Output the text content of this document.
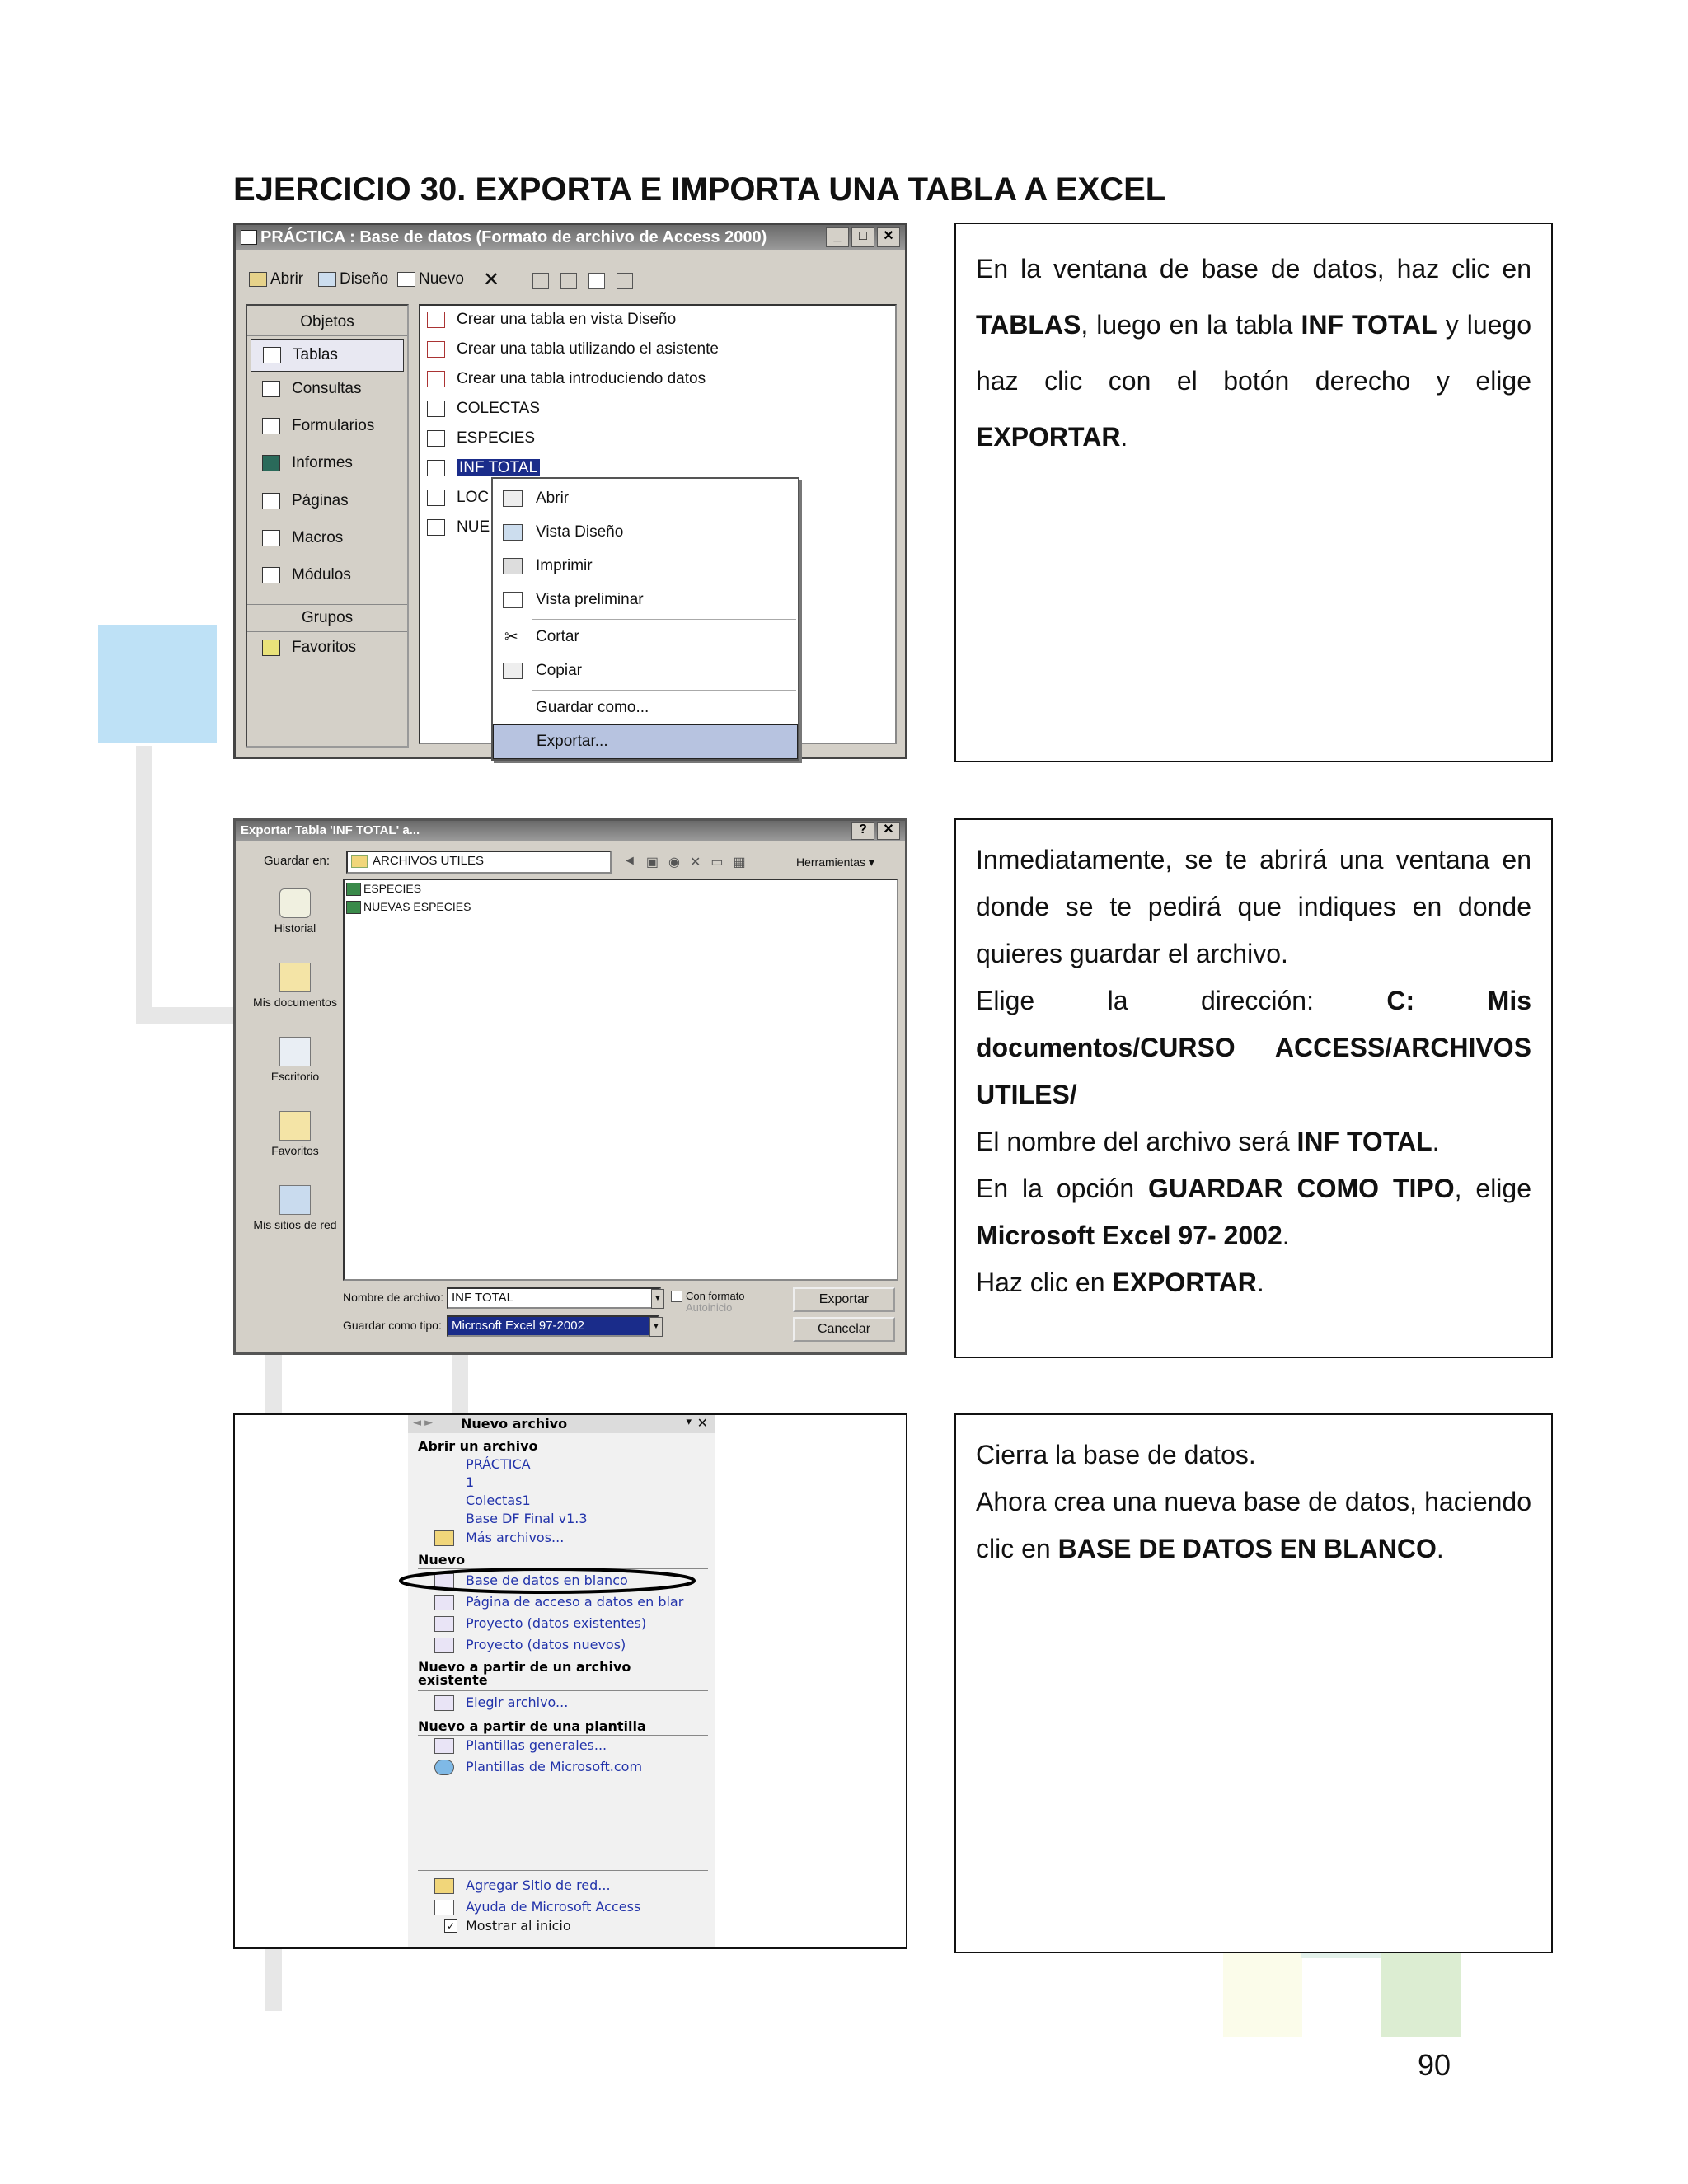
EJERCICIO 30. EXPORTA E IMPORTA UNA TABLA A EXCEL
PRÁCTICA : Base de datos (Formato de archivo de Access 2000)	_	□	✕
Abrir	Diseño	Nuevo ✕
Objetos
Tablas
Consultas
Formularios
Informes
Páginas
Macros
Módulos
Grupos
Favoritos
Crear una tabla en vista Diseño
Crear una tabla utilizando el asistente
Crear una tabla introduciendo datos
COLECTAS
ESPECIES
INF TOTAL
LOC
NUE
Abrir
Vista Diseño
Imprimir
Vista preliminar
✂ Cortar
Copiar
Guardar como...
Exportar...

En la ventana de base de datos, haz clic en TABLAS, luego en la tabla INF TOTAL y luego haz clic con el botón derecho y elige EXPORTAR.

Exportar Tabla 'INF TOTAL' a...	?	✕
Guardar en:	ARCHIVOS UTILES	◄ ▣ ◉ ✕ ▭ ▦	Herramientas ▾
Historial
Mis documentos
Escritorio
Favoritos
Mis sitios de red
ESPECIES
NUEVAS ESPECIES
Nombre de archivo: INF TOTAL	▼
Guardar como tipo: Microsoft Excel 97-2002	▼
Con formato
Autoinicio
Exportar
Cancelar

Inmediatamente, se te abrirá una ventana en donde se te pedirá que indiques en donde quieres guardar el archivo.

Elige la dirección: C: Mis documentos/CURSO ACCESS/ARCHIVOS UTILES/

El nombre del archivo será INF TOTAL.

En la opción GUARDAR COMO TIPO, elige Microsoft Excel 97- 2002.

Haz clic en EXPORTAR.

◄ ► Nuevo archivo	▾ ✕
Abrir un archivo
PRÁCTICA
1
Colectas1
Base DF Final v1.3
Más archivos...
Nuevo
Base de datos en blanco
Página de acceso a datos en blar
Proyecto (datos existentes)
Proyecto (datos nuevos)
Nuevo a partir de un archivo
existente
Elegir archivo...
Nuevo a partir de una plantilla
Plantillas generales...
Plantillas de Microsoft.com
Agregar Sitio de red...
Ayuda de Microsoft Access
✓ Mostrar al inicio

Cierra la base de datos.

Ahora crea una nueva base de datos, haciendo clic en BASE DE DATOS EN BLANCO.

90
